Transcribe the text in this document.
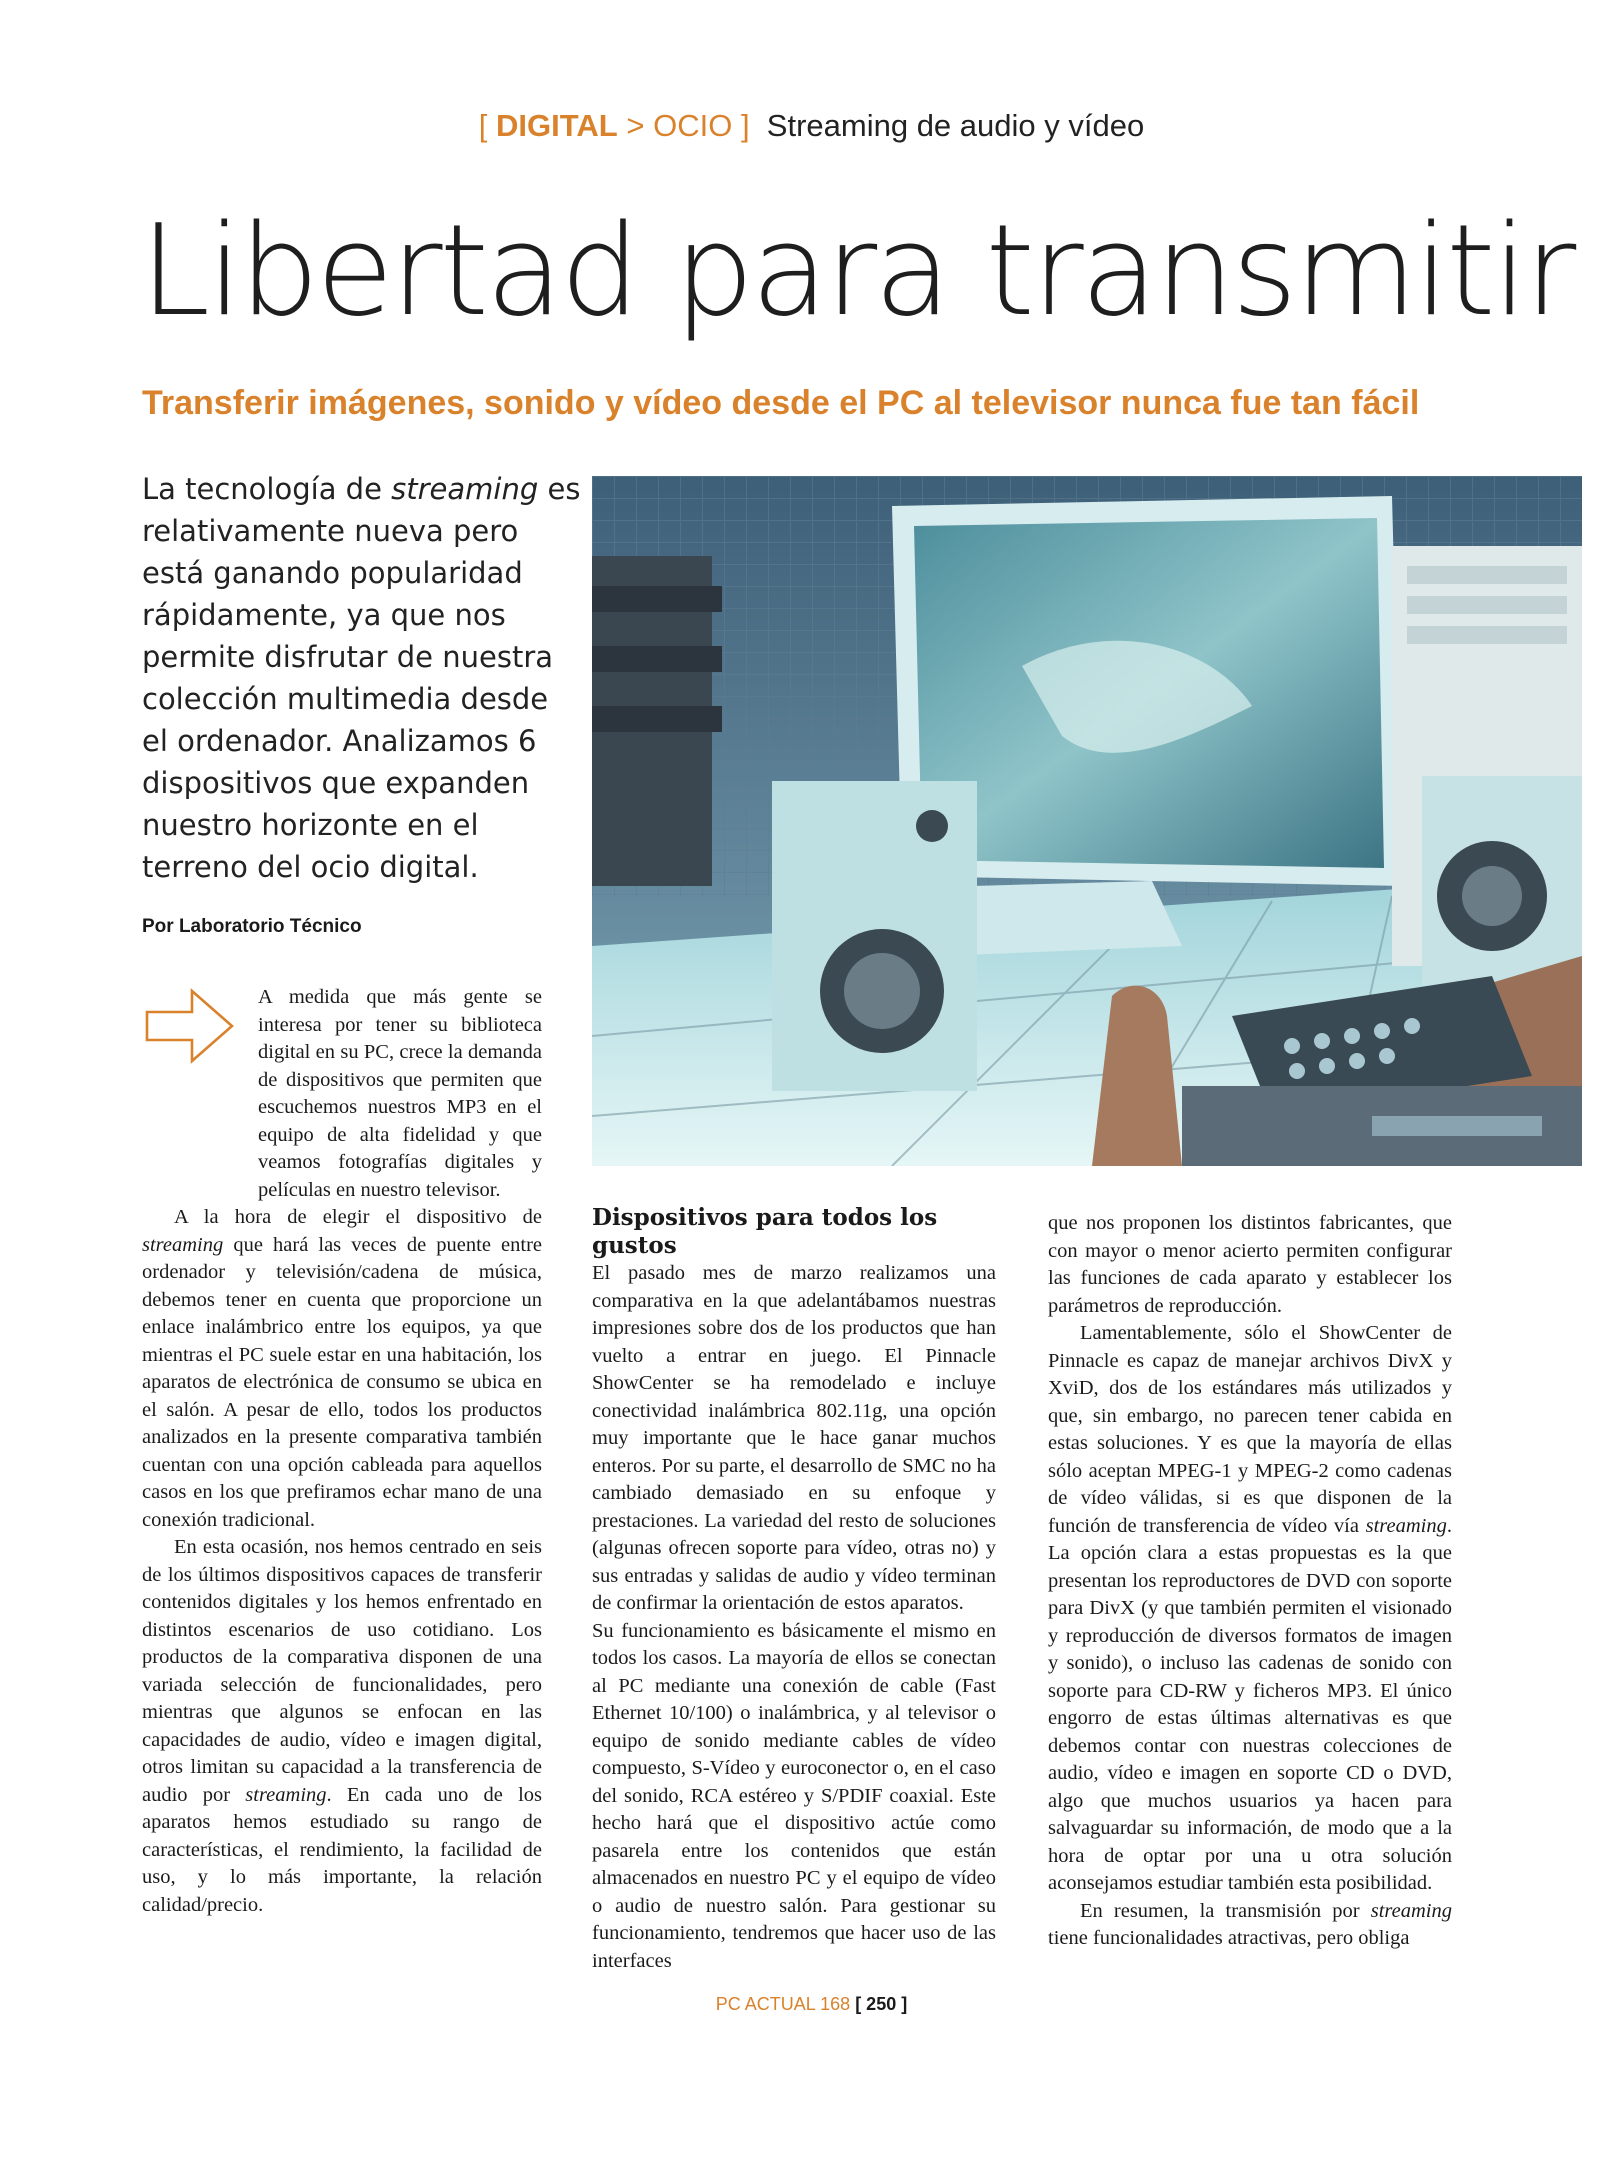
[ DIGITAL > OCIO ] Streaming de audio y vídeo
Libertad para transmitir
Transferir imágenes, sonido y vídeo desde el PC al televisor nunca fue tan fácil

La tecnología de streaming es relativamente nueva pero está ganando popularidad rápidamente, ya que nos permite disfrutar de nuestra colección multimedia desde el ordenador. Analizamos 6 dispositivos que expanden nuestro horizonte en el terreno del ocio digital.

Por Laboratorio Técnico

A medida que más gente se interesa por tener su biblioteca digital en su PC, crece la demanda de dispositivos que permiten que escuchemos nuestros MP3 en el equipo de alta fidelidad y que veamos fotografías digitales y películas en nuestro televisor.

A la hora de elegir el dispositivo de streaming que hará las veces de puente entre ordenador y televisión/cadena de música, debemos tener en cuenta que proporcione un enlace inalámbrico entre los equipos, ya que mientras el PC suele estar en una habitación, los aparatos de electrónica de consumo se ubica en el salón. A pesar de ello, todos los productos analizados en la presente comparativa también cuentan con una opción cableada para aquellos casos en los que prefiramos echar mano de una conexión tradicional.

En esta ocasión, nos hemos centrado en seis de los últimos dispositivos capaces de transferir contenidos digitales y los hemos enfrentado en distintos escenarios de uso cotidiano. Los productos de la comparativa disponen de una variada selección de funcionalidades, pero mientras que algunos se enfocan en las capacidades de audio, vídeo e imagen digital, otros limitan su capacidad a la transferencia de audio por streaming. En cada uno de los aparatos hemos estudiado su rango de características, el rendimiento, la facilidad de uso, y lo más importante, la relación calidad/precio.

Dispositivos para todos los gustos

El pasado mes de marzo realizamos una comparativa en la que adelantábamos nuestras impresiones sobre dos de los productos que han vuelto a entrar en juego. El Pinnacle ShowCenter se ha remodelado e incluye conectividad inalámbrica 802.11g, una opción muy importante que le hace ganar muchos enteros. Por su parte, el desarrollo de SMC no ha cambiado demasiado en su enfoque y prestaciones. La variedad del resto de soluciones (algunas ofrecen soporte para vídeo, otras no) y sus entradas y salidas de audio y vídeo terminan de confirmar la orientación de estos aparatos.

Su funcionamiento es básicamente el mismo en todos los casos. La mayoría de ellos se conectan al PC mediante una conexión de cable (Fast Ethernet 10/100) o inalámbrica, y al televisor o equipo de sonido mediante cables de vídeo compuesto, S-Vídeo y euroconector o, en el caso del sonido, RCA estéreo y S/PDIF coaxial. Este hecho hará que el dispositivo actúe como pasarela entre los contenidos que están almacenados en nuestro PC y el equipo de vídeo o audio de nuestro salón. Para gestionar su funcionamiento, tendremos que hacer uso de las interfaces

que nos proponen los distintos fabricantes, que con mayor o menor acierto permiten configurar las funciones de cada aparato y establecer los parámetros de reproducción.

Lamentablemente, sólo el ShowCenter de Pinnacle es capaz de manejar archivos DivX y XviD, dos de los estándares más utilizados y que, sin embargo, no parecen tener cabida en estas soluciones. Y es que la mayoría de ellas sólo aceptan MPEG-1 y MPEG-2 como cadenas de vídeo válidas, si es que disponen de la función de transferencia de vídeo vía streaming. La opción clara a estas propuestas es la que presentan los reproductores de DVD con soporte para DivX (y que también permiten el visionado y reproducción de diversos formatos de imagen y sonido), o incluso las cadenas de sonido con soporte para CD-RW y ficheros MP3. El único engorro de estas últimas alternativas es que debemos contar con nuestras colecciones de audio, vídeo e imagen en soporte CD o DVD, algo que muchos usuarios ya hacen para salvaguardar su información, de modo que a la hora de optar por una u otra solución aconsejamos estudiar también esta posibilidad.

En resumen, la transmisión por streaming tiene funcionalidades atractivas, pero obliga

PC ACTUAL 168 [ 250 ]
